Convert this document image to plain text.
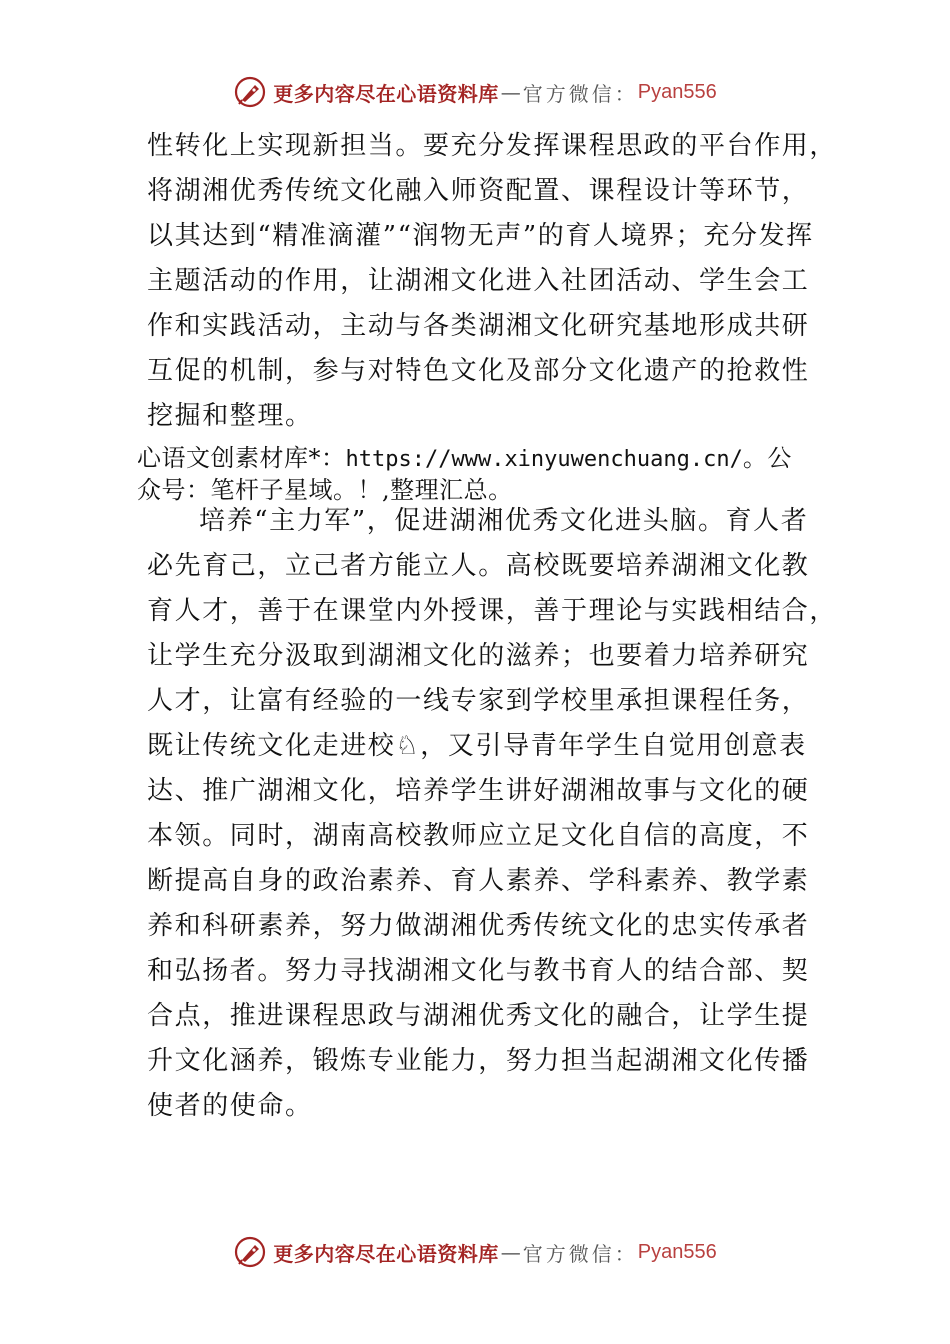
更多内容尽在心语资料库 — 官方微信： Pyan556
性转化上实现新担当。要充分发挥课程思政的平台作用，
将湖湘优秀传统文化融入师资配置、课程设计等环节，
以其达到“精准滴灌”“润物无声”的育人境界；充分发挥
主题活动的作用，让湖湘文化进入社团活动、学生会工
作和实践活动，主动与各类湖湘文化研究基地形成共研
互促的机制，参与对特色文化及部分文化遗产的抢救性
挖掘和整理。
心语文创素材库*：https://www.xinyuwenchuang.cn/。公
众号：笔杆子星域。！,整理汇总。
培养“主力军”，促进湖湘优秀文化进头脑。育人者
必先育己，立己者方能立人。高校既要培养湖湘文化教
育人才，善于在课堂内外授课，善于理论与实践相结合，
让学生充分汲取到湖湘文化的滋养；也要着力培养研究
人才，让富有经验的一线专家到学校里承担课程任务，
既让传统文化走进校♘，又引导青年学生自觉用创意表
达、推广湖湘文化，培养学生讲好湖湘故事与文化的硬
本领。同时，湖南高校教师应立足文化自信的高度，不
断提高自身的政治素养、育人素养、学科素养、教学素
养和科研素养，努力做湖湘优秀传统文化的忠实传承者
和弘扬者。努力寻找湖湘文化与教书育人的结合部、契
合点，推进课程思政与湖湘优秀文化的融合，让学生提
升文化涵养，锻炼专业能力，努力担当起湖湘文化传播
使者的使命。
更多内容尽在心语资料库 — 官方微信： Pyan556
